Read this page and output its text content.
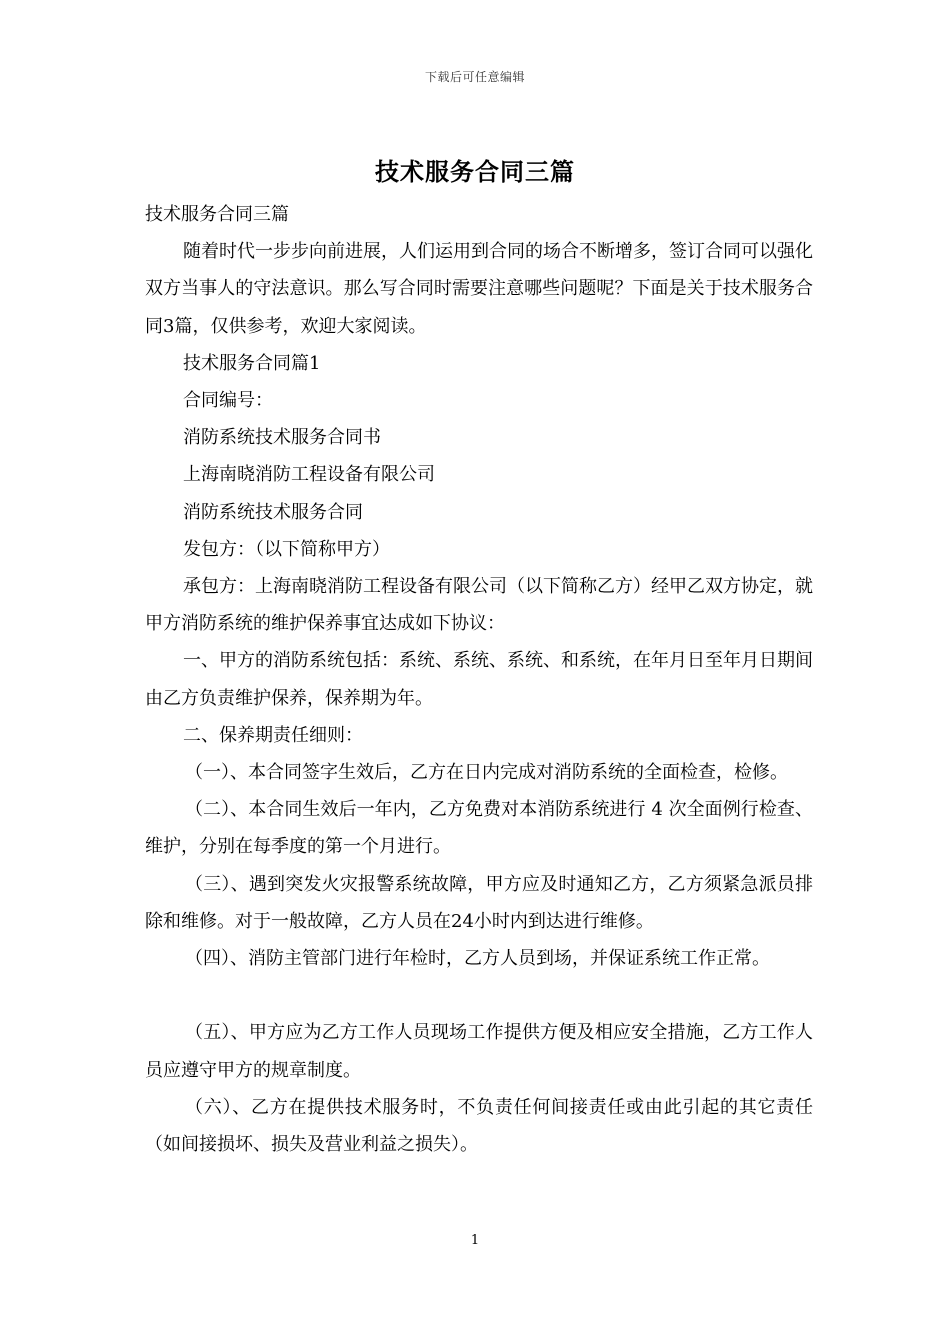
下载后可任意编辑
技术服务合同三篇

技术服务合同三篇

随着时代一步步向前进展，人们运用到合同的场合不断增多，签订合同可以强化双方当事人的守法意识。那么写合同时需要注意哪些问题呢？下面是关于技术服务合同3篇，仅供参考，欢迎大家阅读。

技术服务合同篇1

合同编号：

消防系统技术服务合同书

上海南晓消防工程设备有限公司

消防系统技术服务合同

发包方：（以下简称甲方）

承包方：上海南晓消防工程设备有限公司（以下简称乙方）经甲乙双方协定，就甲方消防系统的维护保养事宜达成如下协议：

一、甲方的消防系统包括：系统、系统、系统、和系统，在年月日至年月日期间由乙方负责维护保养，保养期为年。

二、保养期责任细则：

（一）、本合同签字生效后，乙方在日内完成对消防系统的全面检查，检修。

（二）、本合同生效后一年内，乙方免费对本消防系统进行 4 次全面例行检查、维护，分别在每季度的第一个月进行。

（三）、遇到突发火灾报警系统故障，甲方应及时通知乙方，乙方须紧急派员排除和维修。对于一般故障，乙方人员在24小时内到达进行维修。

（四）、消防主管部门进行年检时，乙方人员到场，并保证系统工作正常。

（五）、甲方应为乙方工作人员现场工作提供方便及相应安全措施，乙方工作人员应遵守甲方的规章制度。

（六）、乙方在提供技术服务时，不负责任何间接责任或由此引起的其它责任（如间接损坏、损失及营业利益之损失）。

1
